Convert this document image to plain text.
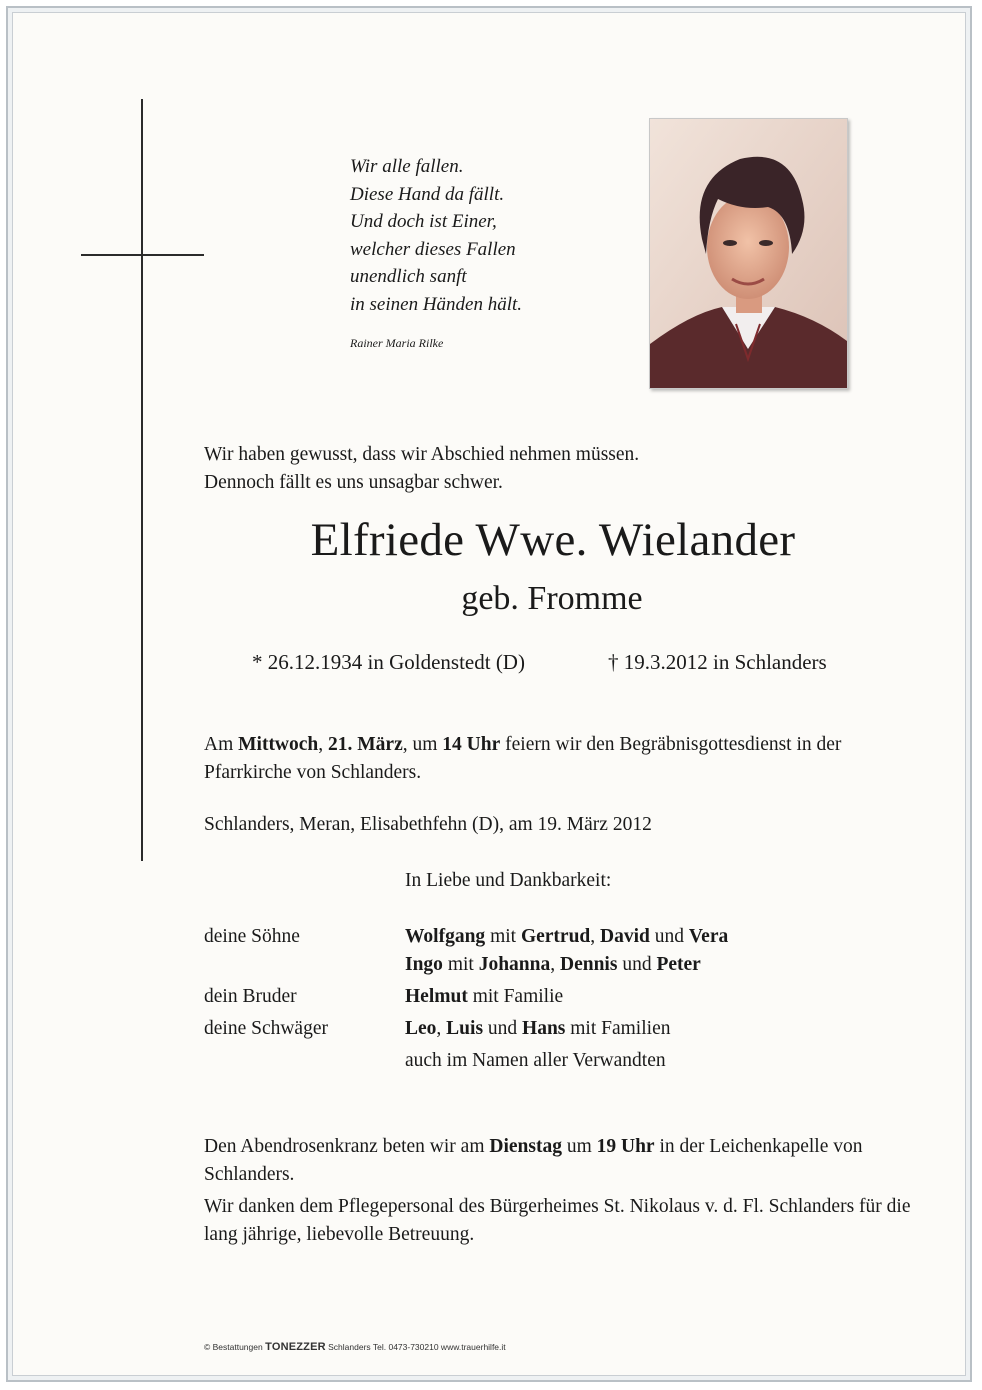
Wir alle fallen.
Diese Hand da fällt.
Und doch ist Einer,
welcher dieses Fallen
unendlich sanft
in seinen Händen hält.
Rainer Maria Rilke
Wir haben gewusst, dass wir Abschied nehmen müssen.
Dennoch fällt es uns unsagbar schwer.
Elfriede Wwe. Wielander
geb. Fromme
* 26.12.1934 in Goldenstedt (D)	† 19.3.2012 in Schlanders
Am Mittwoch, 21. März, um 14 Uhr feiern wir den Begräbnisgottesdienst in der Pfarrkirche von Schlanders.
Schlanders, Meran, Elisabethfehn (D), am 19. März 2012
In Liebe und Dankbarkeit:
deine Söhne	Wolfgang mit Gertrud, David und Vera
Ingo mit Johanna, Dennis und Peter
dein Bruder	Helmut mit Familie
deine Schwäger	Leo, Luis und Hans mit Familien
auch im Namen aller Verwandten
Den Abendrosenkranz beten wir am Dienstag um 19 Uhr in der Leichenkapelle von Schlanders.
Wir danken dem Pflegepersonal des Bürgerheimes St. Nikolaus v. d. Fl. Schlanders für die lang jährige, liebevolle Betreuung.
© Bestattungen TONEZZER Schlanders Tel. 0473-730210 www.trauerhilfe.it
